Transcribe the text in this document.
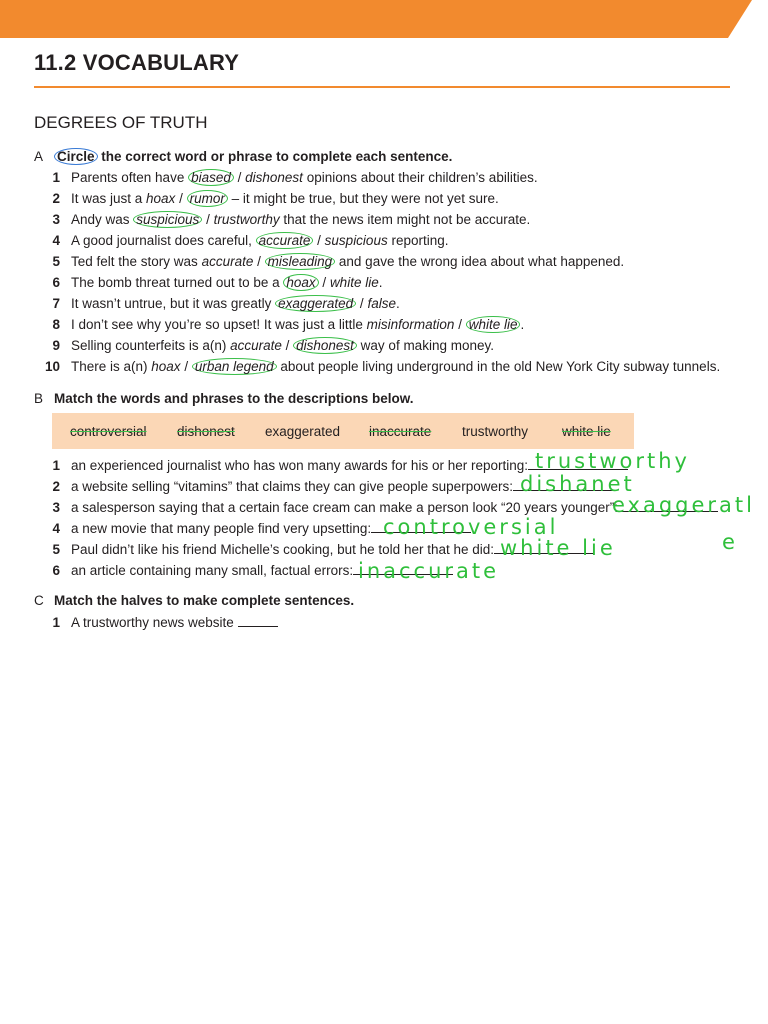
11.2 VOCABULARY
DEGREES OF TRUTH
A Circle the correct word or phrase to complete each sentence.
1 Parents often have biased / dishonest opinions about their children’s abilities.
2 It was just a hoax / rumor – it might be true, but they were not yet sure.
3 Andy was suspicious / trustworthy that the news item might not be accurate.
4 A good journalist does careful, accurate / suspicious reporting.
5 Ted felt the story was accurate / misleading and gave the wrong idea about what happened.
6 The bomb threat turned out to be a hoax / white lie.
7 It wasn’t untrue, but it was greatly exaggerated / false.
8 I don’t see why you’re so upset! It was just a little misinformation / white lie .
9 Selling counterfeits is a(n) accurate / dishonest way of making money.
10 There is a(n) hoax / urban legend about people living underground in the old New York City subway tunnels.
B Match the words and phrases to the descriptions below.
controversial dishonest exaggerated inaccurate trustworthy	white lie
1 an experienced journalist who has won many awards for his or her reporting: trustworthy
2 a website selling “vitamins” that claims they can give people superpowers: dishanet
3 a salesperson saying that a certain face cream can make a person look “20 years younger”:
exaggeratl
4 a new movie that many people find very upsetting: controversial
5 Paul didn’t like his friend Michelle’s cooking, but he told her that he did: white lie
6 an article containing many small, factual errors: inaccurate
e
C Match the halves to make complete sentences.
1 A trustworthy news website
